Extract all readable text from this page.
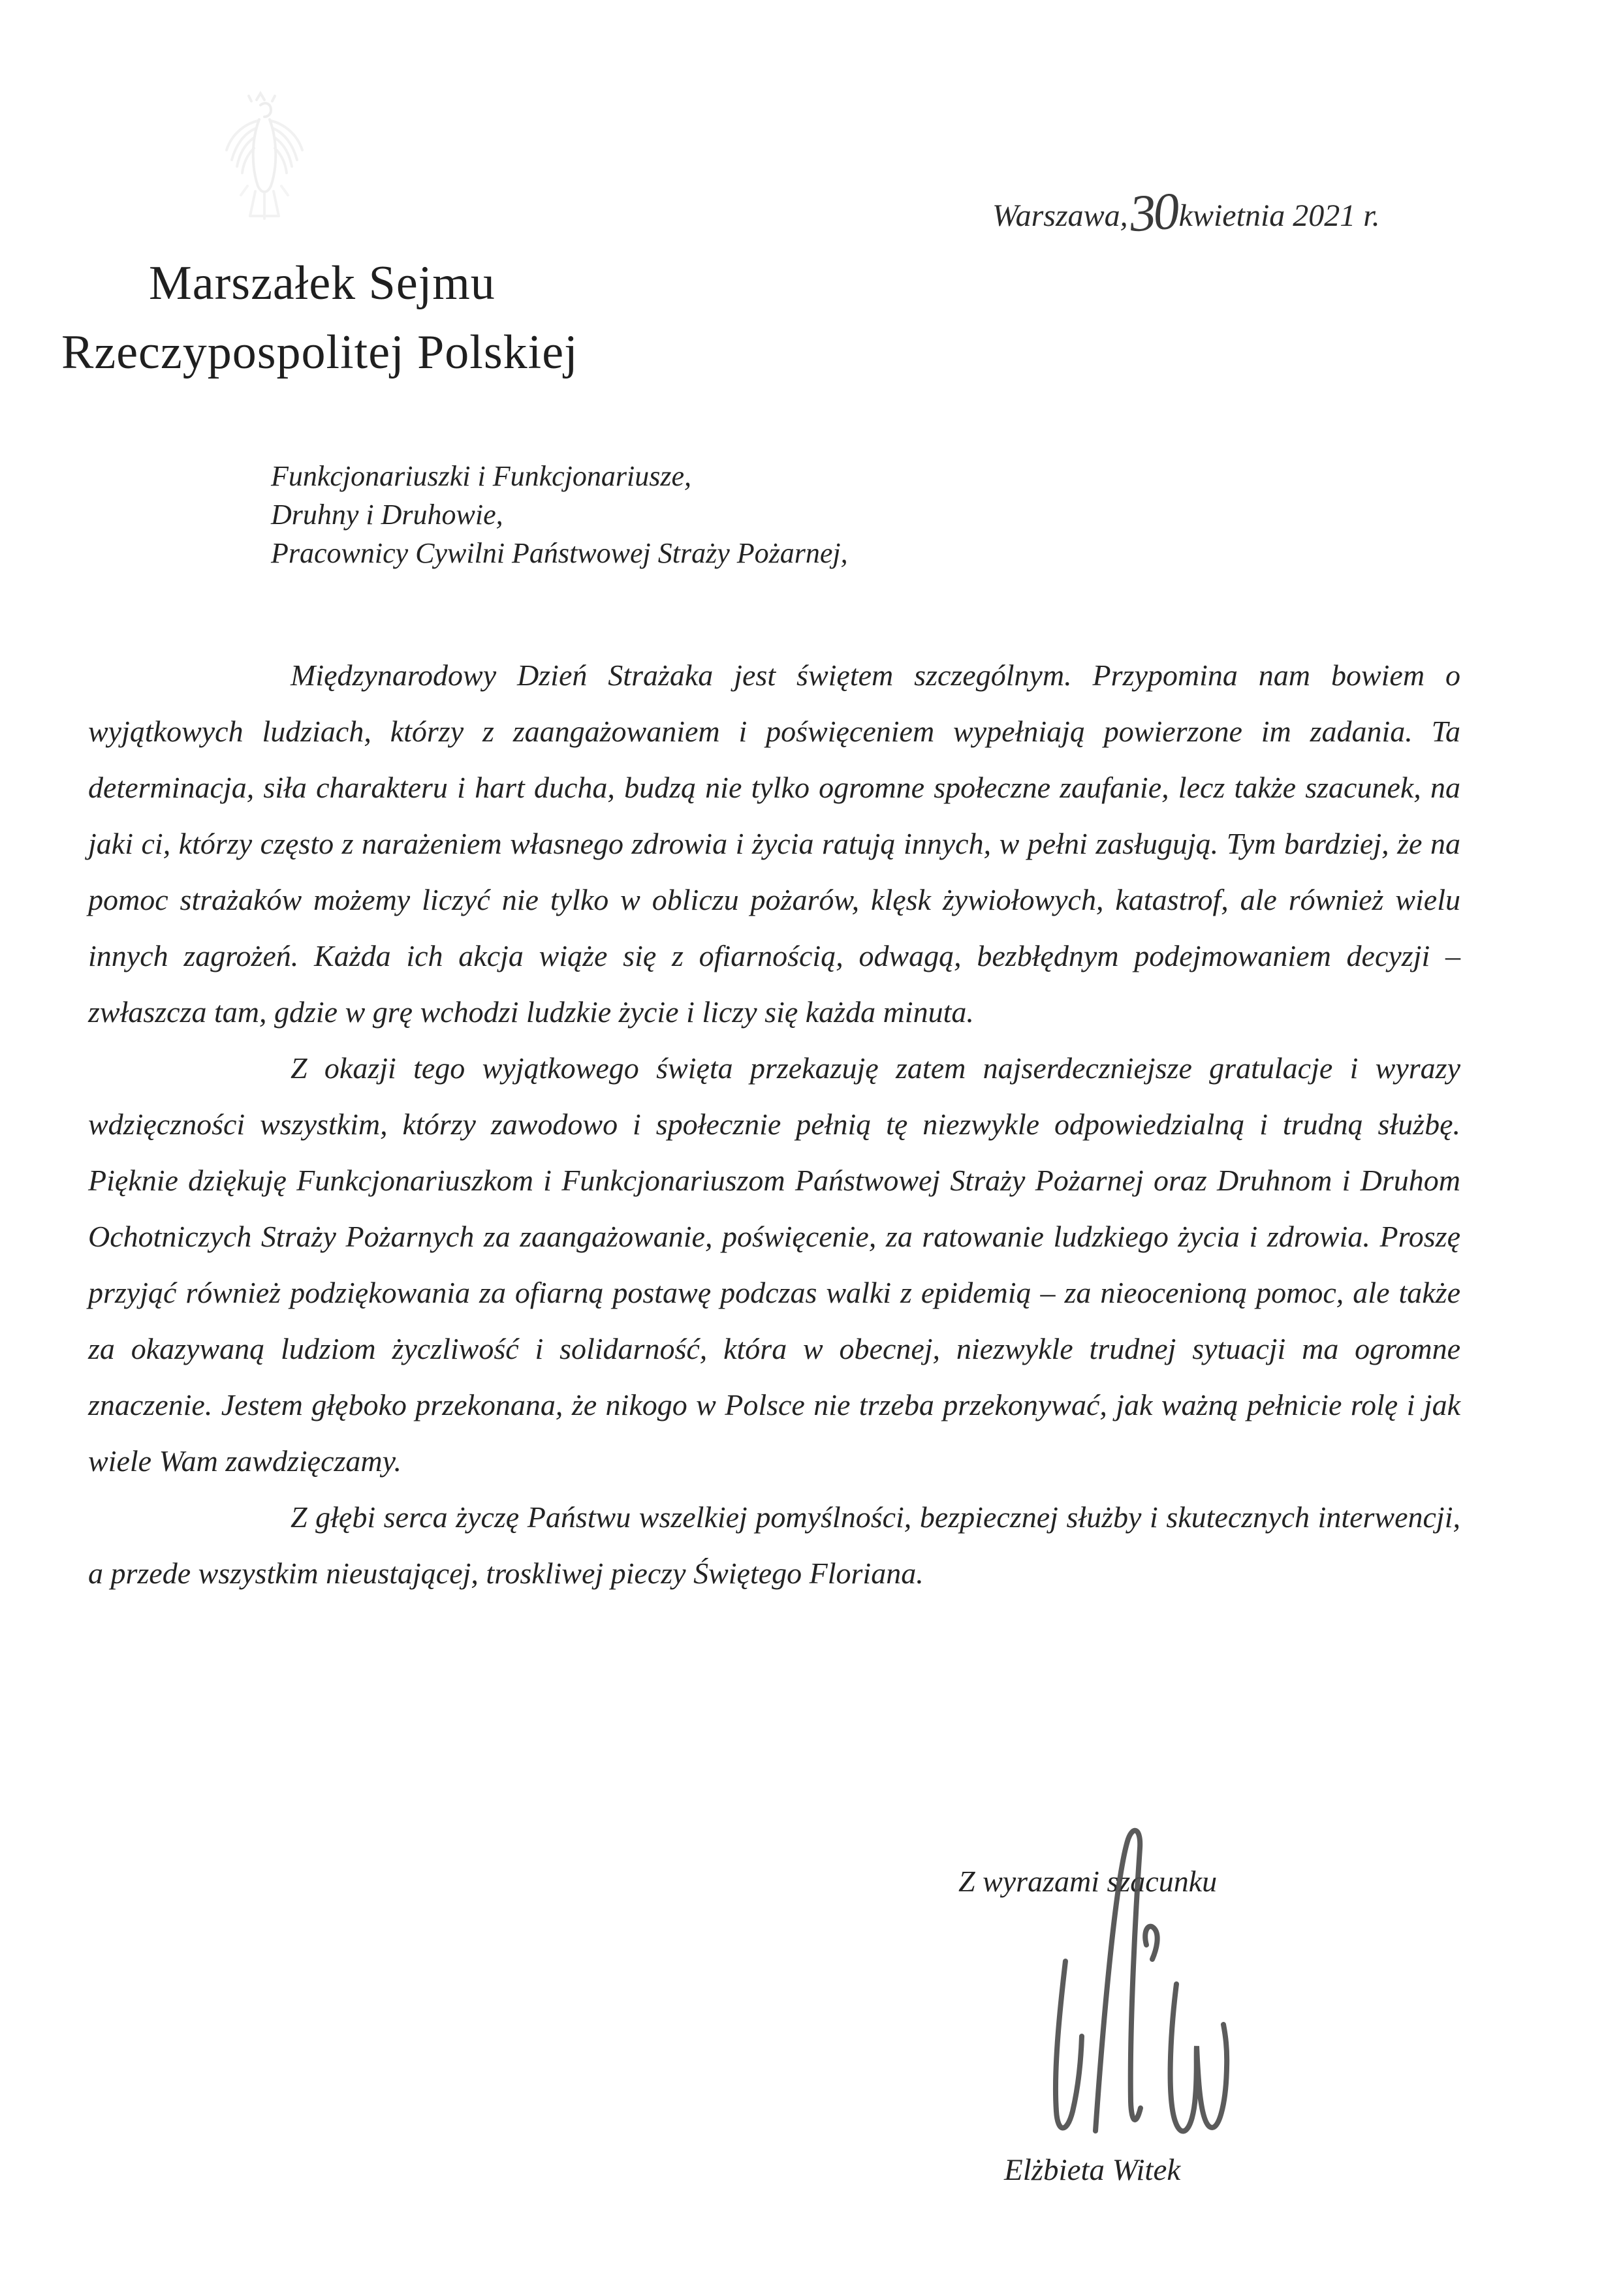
Marszałek Sejmu
Rzeczypospolitej Polskiej
Warszawa,30kwietnia 2021 r.
Funkcjonariuszki i Funkcjonariusze,
Druhny i Druhowie,
Pracownicy Cywilni Państwowej Straży Pożarnej,

Międzynarodowy Dzień Strażaka jest świętem szczególnym. Przypomina nam bowiem o wyjątkowych ludziach, którzy z zaangażowaniem i poświęceniem wypełniają powierzone im zadania. Ta determinacja, siła charakteru i hart ducha, budzą nie tylko ogromne społeczne zaufanie, lecz także szacunek, na jaki ci, którzy często z narażeniem własnego zdrowia i życia ratują innych, w pełni zasługują. Tym bardziej, że na pomoc strażaków możemy liczyć nie tylko w obliczu pożarów, klęsk żywiołowych, katastrof, ale również wielu innych zagrożeń. Każda ich akcja wiąże się z ofiarnością, odwagą, bezbłędnym podejmowaniem decyzji – zwłaszcza tam, gdzie w grę wchodzi ludzkie życie i liczy się każda minuta.

Z okazji tego wyjątkowego święta przekazuję zatem najserdeczniejsze gratulacje i wyrazy wdzięczności wszystkim, którzy zawodowo i społecznie pełnią tę niezwykle odpowiedzialną i trudną służbę. Pięknie dziękuję Funkcjonariuszkom i Funkcjonariuszom Państwowej Straży Pożarnej oraz Druhnom i Druhom Ochotniczych Straży Pożarnych za zaangażowanie, poświęcenie, za ratowanie ludzkiego życia i zdrowia. Proszę przyjąć również podziękowania za ofiarną postawę podczas walki z epidemią – za nieocenioną pomoc, ale także za okazywaną ludziom życzliwość i solidarność, która w obecnej, niezwykle trudnej sytuacji ma ogromne znaczenie. Jestem głęboko przekonana, że nikogo w Polsce nie trzeba przekonywać, jak ważną pełnicie rolę i jak wiele Wam zawdzięczamy.

Z głębi serca życzę Państwu wszelkiej pomyślności, bezpiecznej służby i skutecznych interwencji, a przede wszystkim nieustającej, troskliwej pieczy Świętego Floriana.

Z wyrazami szacunku
Elżbieta Witek
